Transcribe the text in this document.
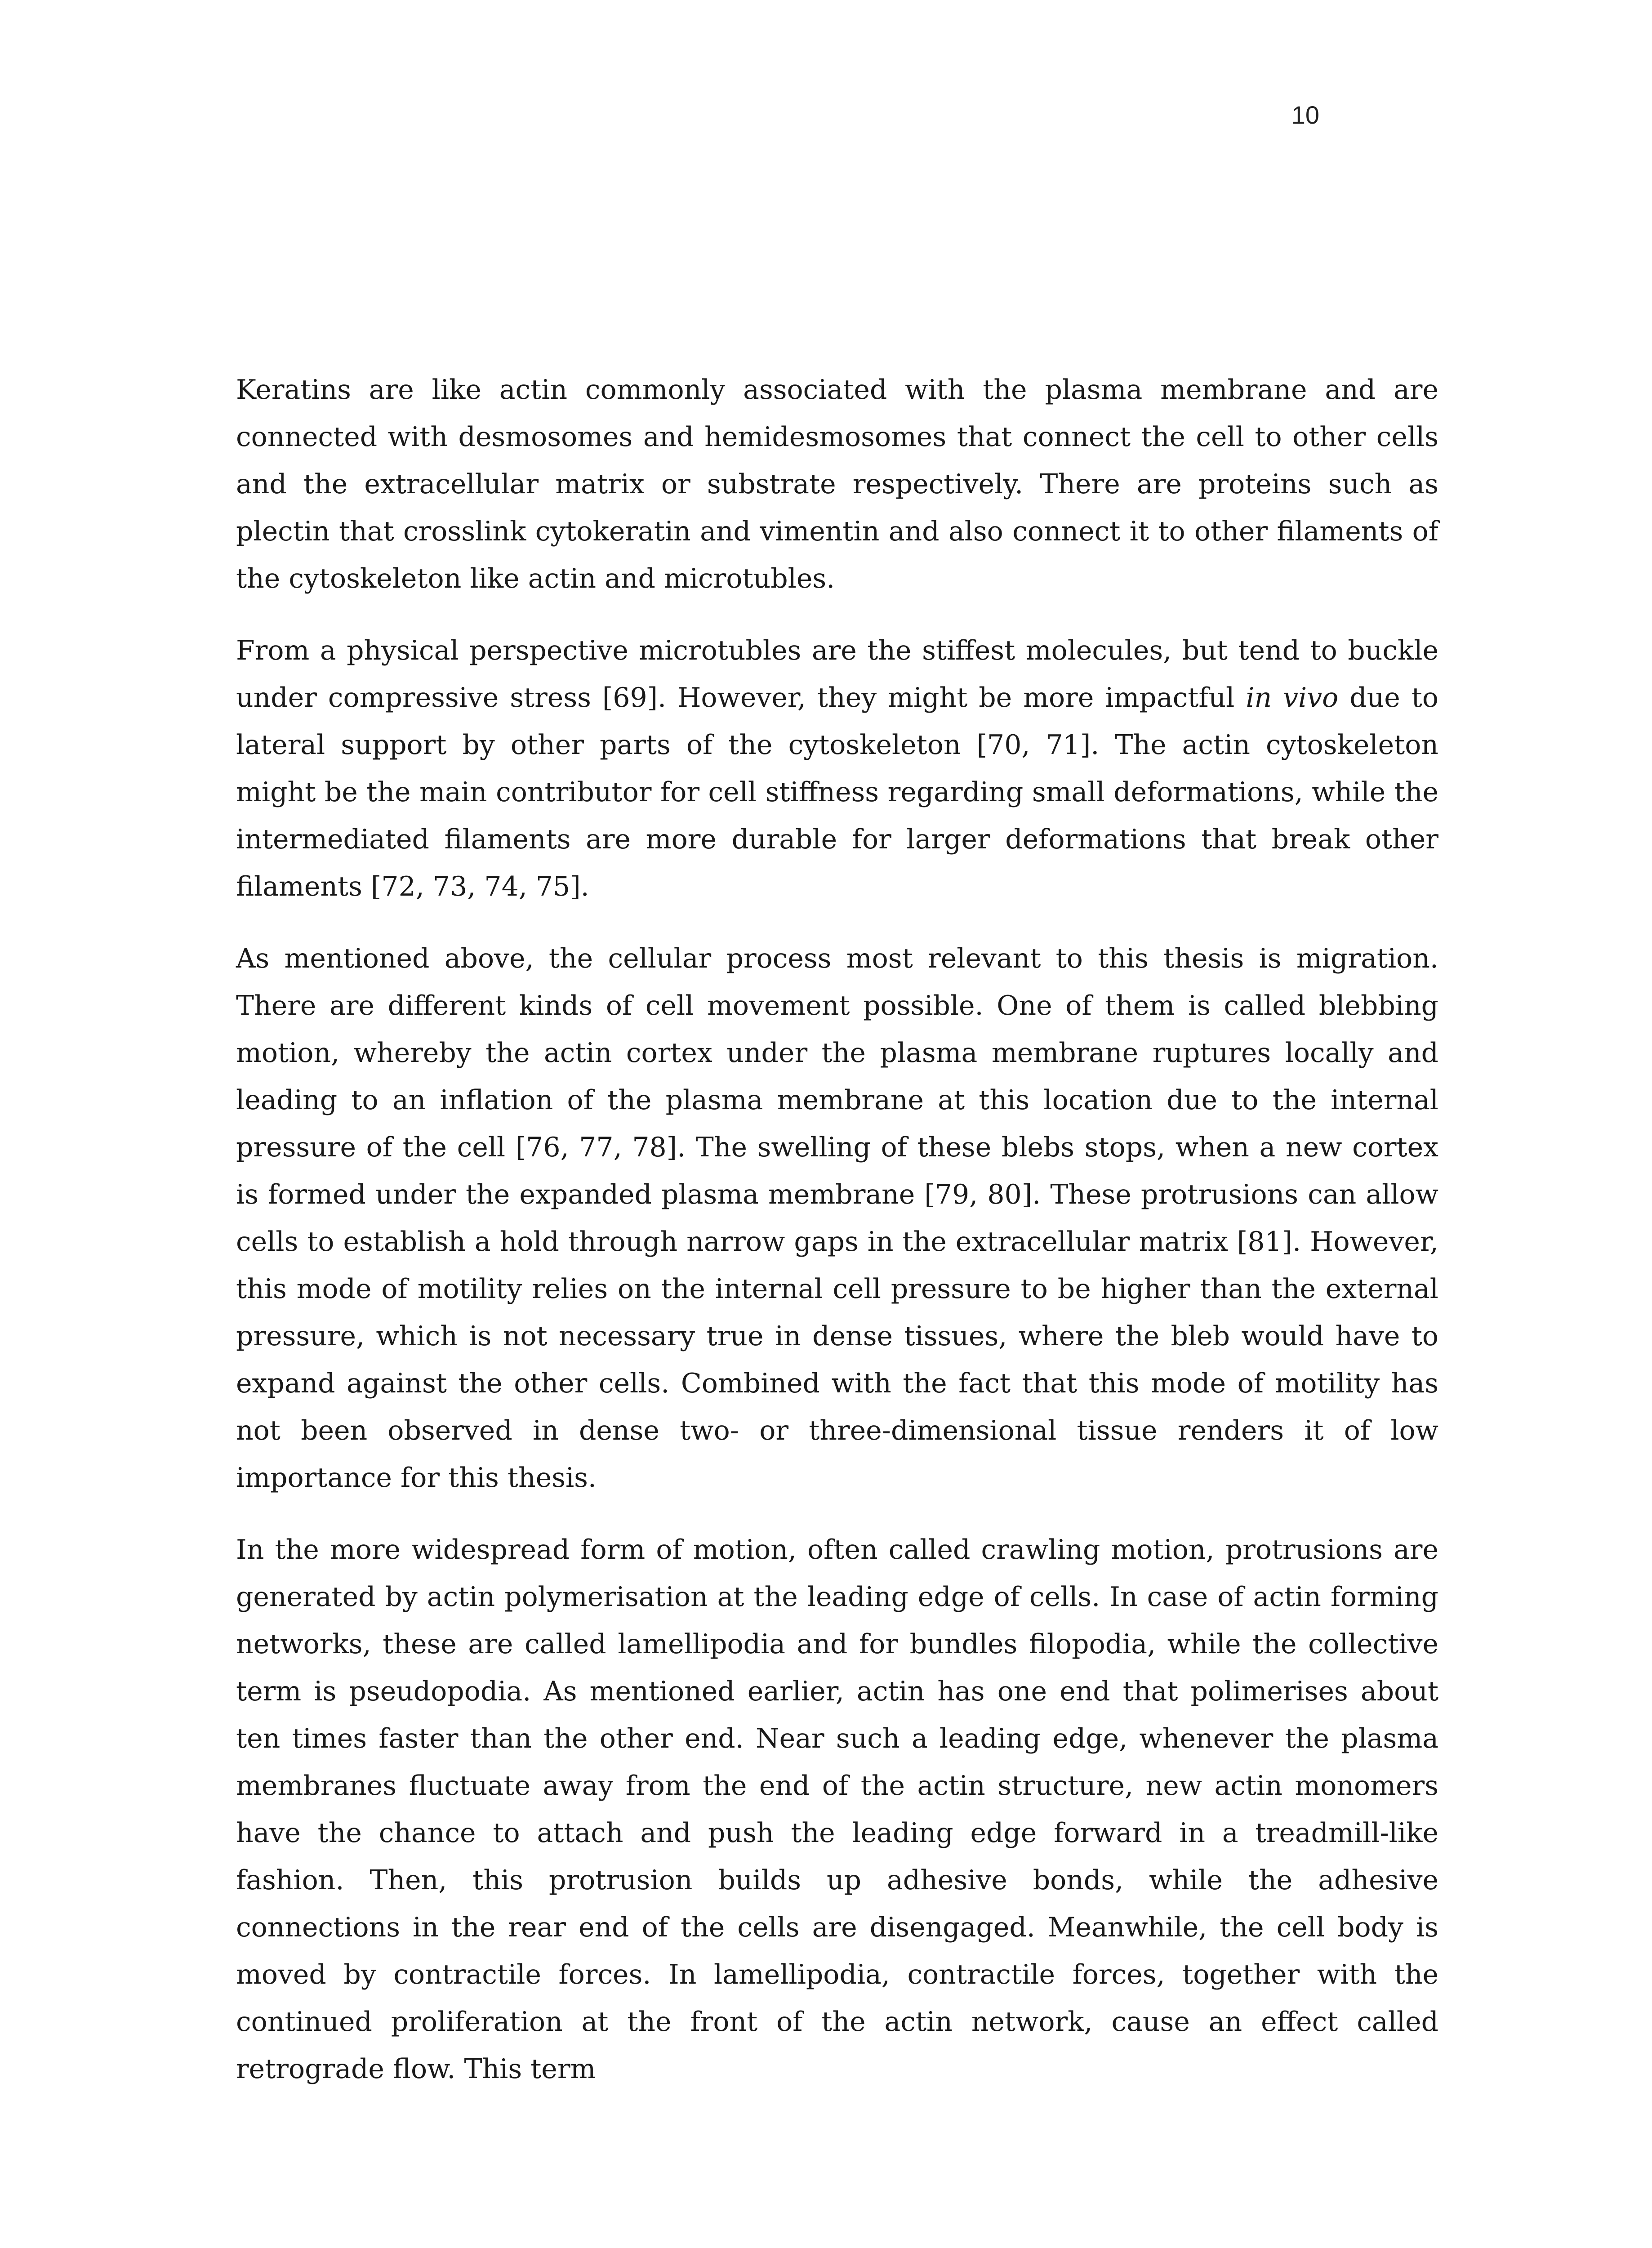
10

Keratins are like actin commonly associated with the plasma membrane and are connected with desmosomes and hemidesmosomes that connect the cell to other cells and the extracellular matrix or substrate respectively. There are proteins such as plectin that crosslink cytokeratin and vimentin and also connect it to other filaments of the cytoskeleton like actin and microtubles.

From a physical perspective microtubles are the stiffest molecules, but tend to buckle under compressive stress [69]. However, they might be more impactful in vivo due to lateral support by other parts of the cytoskeleton [70, 71]. The actin cytoskeleton might be the main contributor for cell stiffness regarding small deformations, while the intermediated filaments are more durable for larger deformations that break other filaments [72, 73, 74, 75].

As mentioned above, the cellular process most relevant to this thesis is migration. There are different kinds of cell movement possible. One of them is called blebbing motion, whereby the actin cortex under the plasma membrane ruptures locally and leading to an inflation of the plasma membrane at this location due to the internal pressure of the cell [76, 77, 78]. The swelling of these blebs stops, when a new cortex is formed under the expanded plasma membrane [79, 80]. These protrusions can allow cells to establish a hold through narrow gaps in the extracellular matrix [81]. However, this mode of motility relies on the internal cell pressure to be higher than the external pressure, which is not necessary true in dense tissues, where the bleb would have to expand against the other cells. Combined with the fact that this mode of motility has not been observed in dense two- or three-dimensional tissue renders it of low importance for this thesis.

In the more widespread form of motion, often called crawling motion, protrusions are generated by actin polymerisation at the leading edge of cells. In case of actin forming networks, these are called lamellipodia and for bundles filopodia, while the collective term is pseudopodia. As mentioned earlier, actin has one end that polimerises about ten times faster than the other end. Near such a leading edge, whenever the plasma membranes fluctuate away from the end of the actin structure, new actin monomers have the chance to attach and push the leading edge forward in a treadmill-like fashion. Then, this protrusion builds up adhesive bonds, while the adhesive connections in the rear end of the cells are disengaged. Meanwhile, the cell body is moved by contractile forces. In lamellipodia, contractile forces, together with the continued proliferation at the front of the actin network, cause an effect called retrograde flow. This term
